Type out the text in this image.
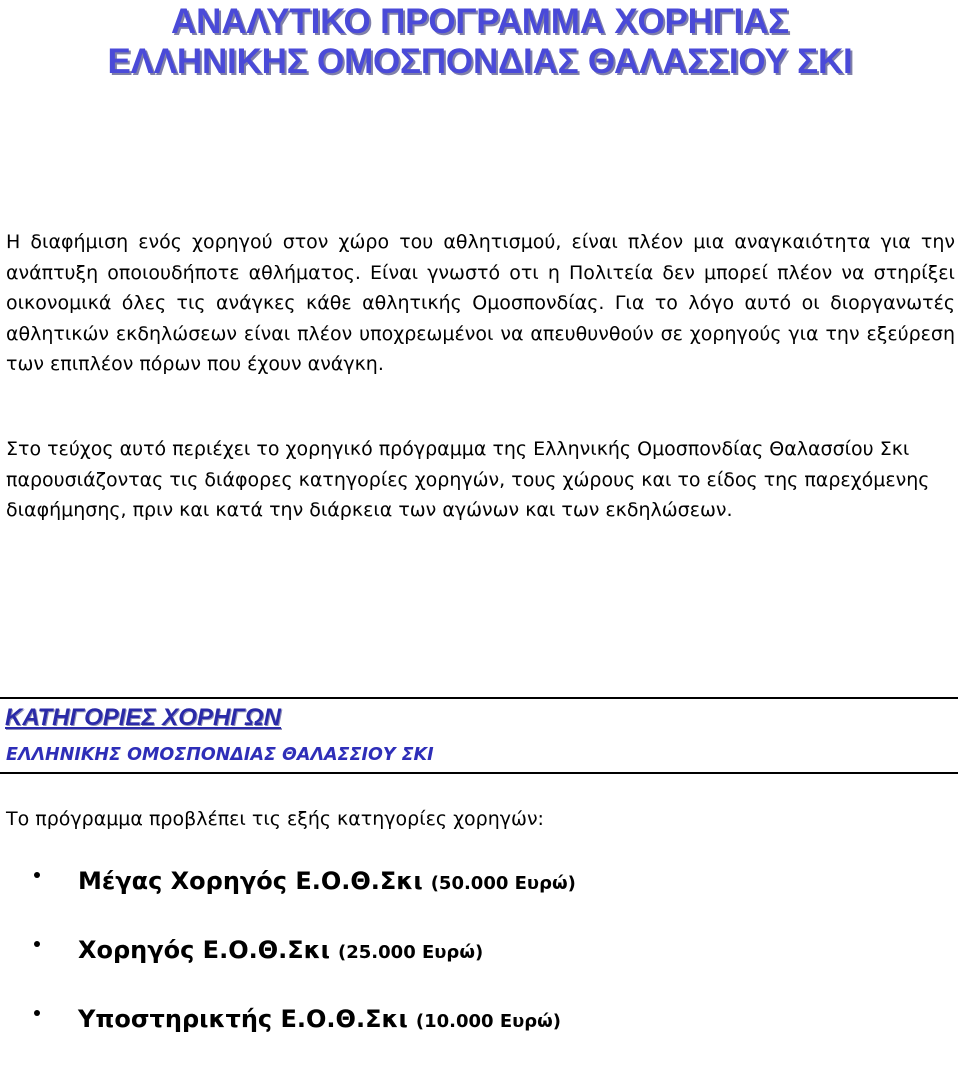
ΑΝΑΛΥΤΙΚΟ ΠΡΟΓΡΑΜΜΑ ΧΟΡΗΓΙΑΣ
ΕΛΛΗΝΙΚΗΣ ΟΜΟΣΠΟΝΔΙΑΣ ΘΑΛΑΣΣΙΟΥ ΣΚΙ

Η διαφήμιση ενός χορηγού στον χώρο του αθλητισμού, είναι πλέον μια αναγκαιότητα για την ανάπτυξη οποιουδήποτε αθλήματος. Είναι γνωστό οτι η Πολιτεία δεν μπορεί πλέον να στηρίξει οικονομικά όλες τις ανάγκες κάθε αθλητικής Ομοσπονδίας. Για το λόγο αυτό οι διοργανωτές αθλητικών εκδηλώσεων είναι πλέον υποχρεωμένοι να απευθυνθούν σε χορηγούς για την εξεύρεση των επιπλέον πόρων που έχουν ανάγκη.

Στο τεύχος αυτό περιέχει το χορηγικό πρόγραμμα της Ελληνικής Ομοσπονδίας Θαλασσίου Σκι παρουσιάζοντας τις διάφορες κατηγορίες χορηγών, τους χώρους και το είδος της παρεχόμενης διαφήμησης, πριν και κατά την διάρκεια των αγώνων και των εκδηλώσεων.

ΚΑΤΗΓΟΡΙΕΣ ΧΟΡΗΓΩΝ
ΕΛΛΗΝΙΚΗΣ ΟΜΟΣΠΟΝΔΙΑΣ ΘΑΛΑΣΣΙΟΥ ΣΚΙ

Το πρόγραμμα προβλέπει τις εξής κατηγορίες χορηγών:

Μέγας Χορηγός Ε.Ο.Θ.Σκι (50.000 Ευρώ)
Χορηγός Ε.Ο.Θ.Σκι (25.000 Ευρώ)
Υποστηρικτής Ε.Ο.Θ.Σκι (10.000 Ευρώ)
